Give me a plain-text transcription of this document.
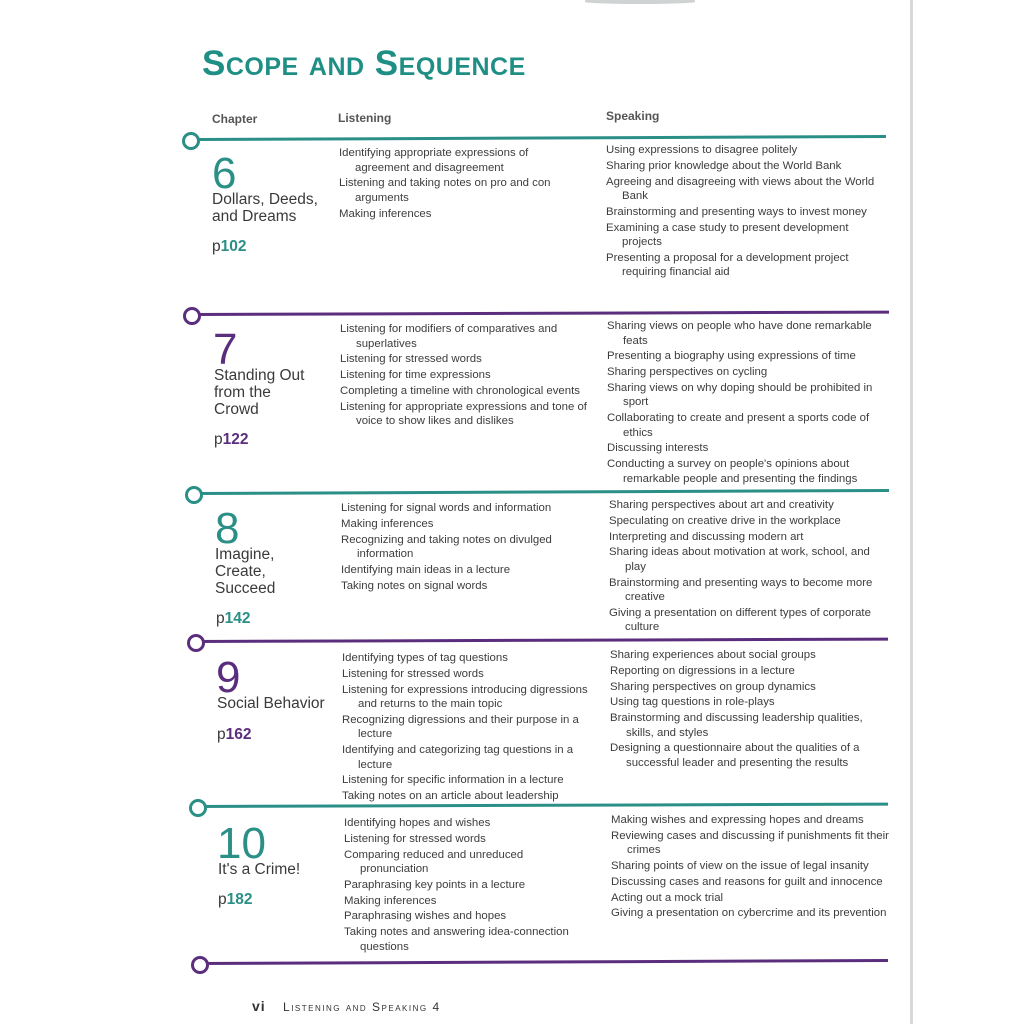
Scope and Sequence
Chapter	Listening	Speaking
6
Dollars, Deeds, and Dreams
p102
Identifying appropriate expressions of agreement and disagreement
Listening and taking notes on pro and con arguments
Making inferences
Using expressions to disagree politely
Sharing prior knowledge about the World Bank
Agreeing and disagreeing with views about the World Bank
Brainstorming and presenting ways to invest money
Examining a case study to present development projects
Presenting a proposal for a development project requiring financial aid
7
Standing Out from the Crowd
p122
Listening for modifiers of comparatives and superlatives
Listening for stressed words
Listening for time expressions
Completing a timeline with chronological events
Listening for appropriate expressions and tone of voice to show likes and dislikes
Sharing views on people who have done remarkable feats
Presenting a biography using expressions of time
Sharing perspectives on cycling
Sharing views on why doping should be prohibited in sport
Collaborating to create and present a sports code of ethics
Discussing interests
Conducting a survey on people's opinions about remarkable people and presenting the findings
8
Imagine, Create, Succeed
p142
Listening for signal words and information
Making inferences
Recognizing and taking notes on divulged information
Identifying main ideas in a lecture
Taking notes on signal words
Sharing perspectives about art and creativity
Speculating on creative drive in the workplace
Interpreting and discussing modern art
Sharing ideas about motivation at work, school, and play
Brainstorming and presenting ways to become more creative
Giving a presentation on different types of corporate culture
9
Social Behavior
p162
Identifying types of tag questions
Listening for stressed words
Listening for expressions introducing digressions and returns to the main topic
Recognizing digressions and their purpose in a lecture
Identifying and categorizing tag questions in a lecture
Listening for specific information in a lecture
Taking notes on an article about leadership
Sharing experiences about social groups
Reporting on digressions in a lecture
Sharing perspectives on group dynamics
Using tag questions in role-plays
Brainstorming and discussing leadership qualities, skills, and styles
Designing a questionnaire about the qualities of a successful leader and presenting the results
10
It's a Crime!
p182
Identifying hopes and wishes
Listening for stressed words
Comparing reduced and unreduced pronunciation
Paraphrasing key points in a lecture
Making inferences
Paraphrasing wishes and hopes
Taking notes and answering idea-connection questions
Making wishes and expressing hopes and dreams
Reviewing cases and discussing if punishments fit their crimes
Sharing points of view on the issue of legal insanity
Discussing cases and reasons for guilt and innocence
Acting out a mock trial
Giving a presentation on cybercrime and its prevention
vi Listening and Speaking 4
